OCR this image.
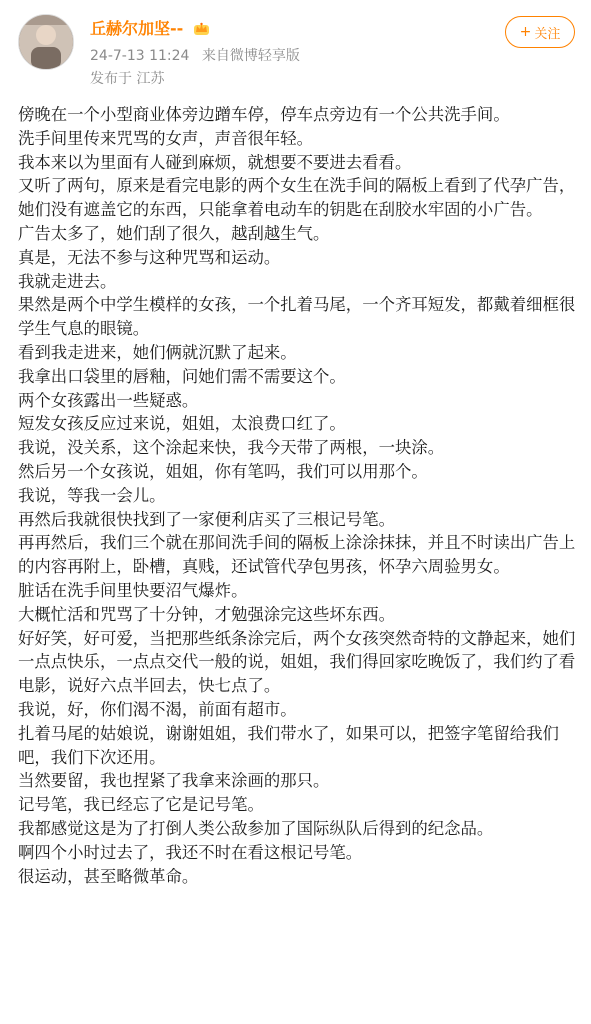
丘赫尔加坚--
24-7-13 11:24 来自微博轻享版
发布于 江苏
+ 关注

傍晚在一个小型商业体旁边蹭车停，停车点旁边有一个公共洗手间。

洗手间里传来咒骂的女声，声音很年轻。

我本来以为里面有人碰到麻烦，就想要不要进去看看。

又听了两句，原来是看完电影的两个女生在洗手间的隔板上看到了代孕广告，她们没有遮盖它的东西，只能拿着电动车的钥匙在刮胶水牢固的小广告。

广告太多了，她们刮了很久，越刮越生气。

真是，无法不参与这种咒骂和运动。

我就走进去。

果然是两个中学生模样的女孩，一个扎着马尾，一个齐耳短发，都戴着细框很学生气息的眼镜。

看到我走进来，她们俩就沉默了起来。

我拿出口袋里的唇釉，问她们需不需要这个。

两个女孩露出一些疑惑。

短发女孩反应过来说，姐姐，太浪费口红了。

我说，没关系，这个涂起来快，我今天带了两根，一块涂。

然后另一个女孩说，姐姐，你有笔吗，我们可以用那个。

我说，等我一会儿。

再然后我就很快找到了一家便利店买了三根记号笔。

再再然后，我们三个就在那间洗手间的隔板上涂涂抹抹，并且不时读出广告上的内容再附上，卧槽，真贱，还试管代孕包男孩，怀孕六周验男女。

脏话在洗手间里快要沼气爆炸。

大概忙活和咒骂了十分钟，才勉强涂完这些坏东西。

好好笑，好可爱，当把那些纸条涂完后，两个女孩突然奇特的文静起来，她们一点点快乐，一点点交代一般的说，姐姐，我们得回家吃晚饭了，我们约了看电影，说好六点半回去，快七点了。

我说，好，你们渴不渴，前面有超市。

扎着马尾的姑娘说，谢谢姐姐，我们带水了，如果可以，把签字笔留给我们吧，我们下次还用。

当然要留，我也捏紧了我拿来涂画的那只。

记号笔，我已经忘了它是记号笔。

我都感觉这是为了打倒人类公敌参加了国际纵队后得到的纪念品。

啊四个小时过去了，我还不时在看这根记号笔。

很运动，甚至略微革命。
